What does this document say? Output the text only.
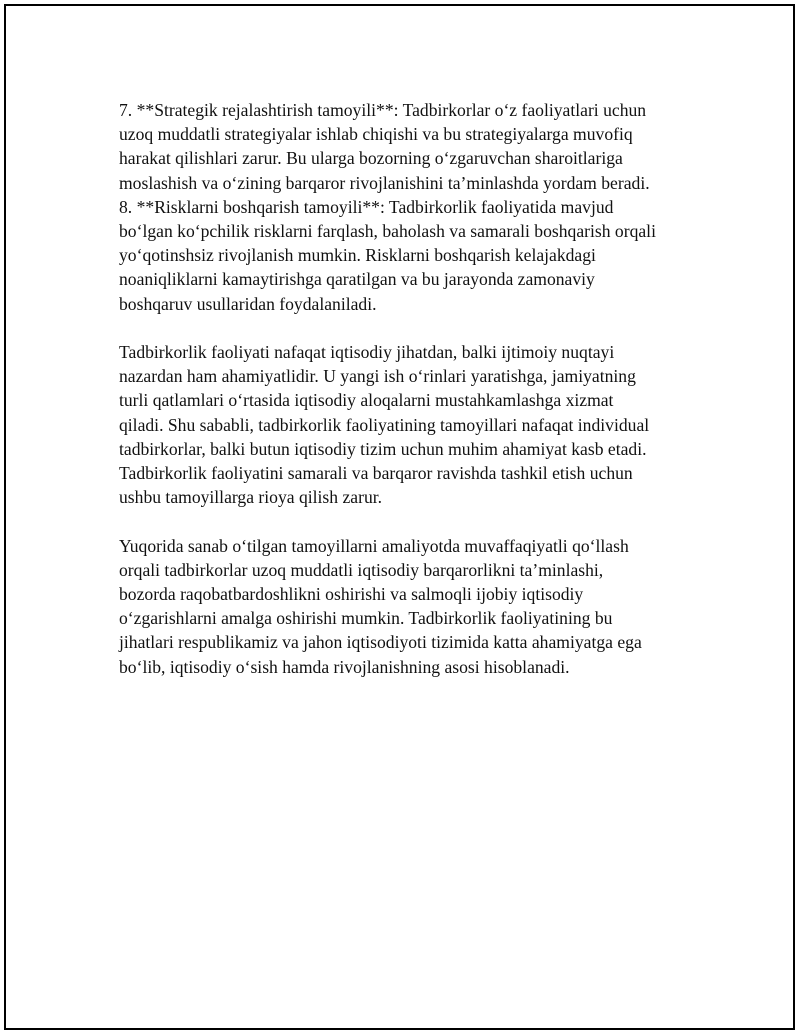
7. **Strategik rejalashtirish tamoyili**: Tadbirkorlar o‘z faoliyatlari uchun
uzoq muddatli strategiyalar ishlab chiqishi va bu strategiyalarga muvofiq
harakat qilishlari zarur. Bu ularga bozorning o‘zgaruvchan sharoitlariga
moslashish va o‘zining barqaror rivojlanishini ta’minlashda yordam beradi.
8. **Risklarni boshqarish tamoyili**: Tadbirkorlik faoliyatida mavjud
bo‘lgan ko‘pchilik risklarni farqlash, baholash va samarali boshqarish orqali
yo‘qotinshsiz rivojlanish mumkin. Risklarni boshqarish kelajakdagi
noaniqliklarni kamaytirishga qaratilgan va bu jarayonda zamonaviy
boshqaruv usullaridan foydalaniladi.
Tadbirkorlik faoliyati nafaqat iqtisodiy jihatdan, balki ijtimoiy nuqtayi
nazardan ham ahamiyatlidir. U yangi ish o‘rinlari yaratishga, jamiyatning
turli qatlamlari o‘rtasida iqtisodiy aloqalarni mustahkamlashga xizmat
qiladi. Shu sababli, tadbirkorlik faoliyatining tamoyillari nafaqat individual
tadbirkorlar, balki butun iqtisodiy tizim uchun muhim ahamiyat kasb etadi.
Tadbirkorlik faoliyatini samarali va barqaror ravishda tashkil etish uchun
ushbu tamoyillarga rioya qilish zarur.
Yuqorida sanab o‘tilgan tamoyillarni amaliyotda muvaffaqiyatli qo‘llash
orqali tadbirkorlar uzoq muddatli iqtisodiy barqarorlikni ta’minlashi,
bozorda raqobatbardoshlikni oshirishi va salmoqli ijobiy iqtisodiy
o‘zgarishlarni amalga oshirishi mumkin. Tadbirkorlik faoliyatining bu
jihatlari respublikamiz va jahon iqtisodiyoti tizimida katta ahamiyatga ega
bo‘lib, iqtisodiy o‘sish hamda rivojlanishning asosi hisoblanadi.
